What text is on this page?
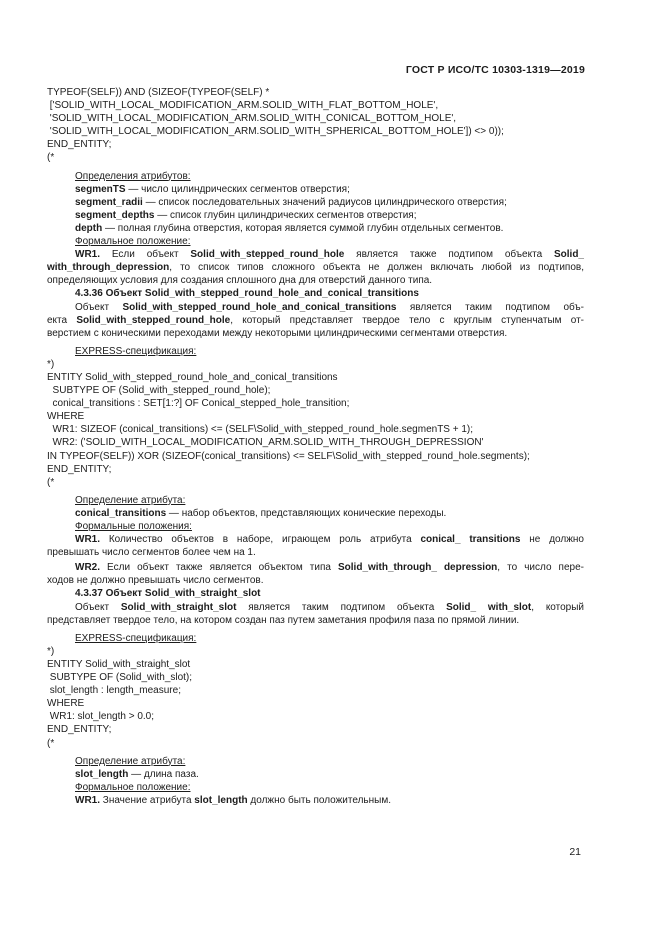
ГОСТ Р ИСО/ТС 10303-1319—2019
TYPEOF(SELF)) AND (SIZEOF(TYPEOF(SELF) *
['SOLID_WITH_LOCAL_MODIFICATION_ARM.SOLID_WITH_FLAT_BOTTOM_HOLE',
'SOLID_WITH_LOCAL_MODIFICATION_ARM.SOLID_WITH_CONICAL_BOTTOM_HOLE',
'SOLID_WITH_LOCAL_MODIFICATION_ARM.SOLID_WITH_SPHERICAL_BOTTOM_HOLE']) <> 0));
END_ENTITY;
(*
Определения атрибутов:
segmenTS — число цилиндрических сегментов отверстия;
segment_radii — список последовательных значений радиусов цилиндрического отверстия;
segment_depths — список глубин цилиндрических сегментов отверстия;
depth — полная глубина отверстия, которая является суммой глубин отдельных сегментов.
Формальное положение:
WR1. Если объект Solid_with_stepped_round_hole является также подтипом объекта Solid_
with_through_depression, то список типов сложного объекта не должен включать любой из подтипов,
определяющих условия для создания сплошного дна для отверстий данного типа.
4.3.36 Объект Solid_with_stepped_round_hole_and_conical_transitions
Объект Solid_with_stepped_round_hole_and_conical_transitions является таким подтипом объ-
екта Solid_with_stepped_round_hole, который представляет твердое тело с круглым ступенчатым от-
верстием с коническими переходами между некоторыми цилиндрическими сегментами отверстия.
EXPRESS-спецификация:
*)
ENTITY Solid_with_stepped_round_hole_and_conical_transitions
SUBTYPE OF (Solid_with_stepped_round_hole);
conical_transitions : SET[1:?] OF Conical_stepped_hole_transition;
WHERE
WR1: SIZEOF (conical_transitions) <= (SELF\Solid_with_stepped_round_hole.segmenTS + 1);
WR2: ('SOLID_WITH_LOCAL_MODIFICATION_ARM.SOLID_WITH_THROUGH_DEPRESSION'
IN TYPEOF(SELF)) XOR (SIZEOF(conical_transitions) <= SELF\Solid_with_stepped_round_hole.segments);
END_ENTITY;
(*
Определение атрибута:
conical_transitions — набор объектов, представляющих конические переходы.
Формальные положения:
WR1. Количество объектов в наборе, играющем роль атрибута conical_ transitions не должно
превышать число сегментов более чем на 1.
WR2. Если объект также является объектом типа Solid_with_through_ depression, то число пере-
ходов не должно превышать число сегментов.
4.3.37 Объект Solid_with_straight_slot
Объект Solid_with_straight_slot является таким подтипом объекта Solid_ with_slot, который
представляет твердое тело, на котором создан паз путем заметания профиля паза по прямой линии.
EXPRESS-спецификация:
*)
ENTITY Solid_with_straight_slot
SUBTYPE OF (Solid_with_slot);
slot_length : length_measure;
WHERE
WR1: slot_length > 0.0;
END_ENTITY;
(*
Определение атрибута:
slot_length — длина паза.
Формальное положение:
WR1. Значение атрибута slot_length должно быть положительным.
21
